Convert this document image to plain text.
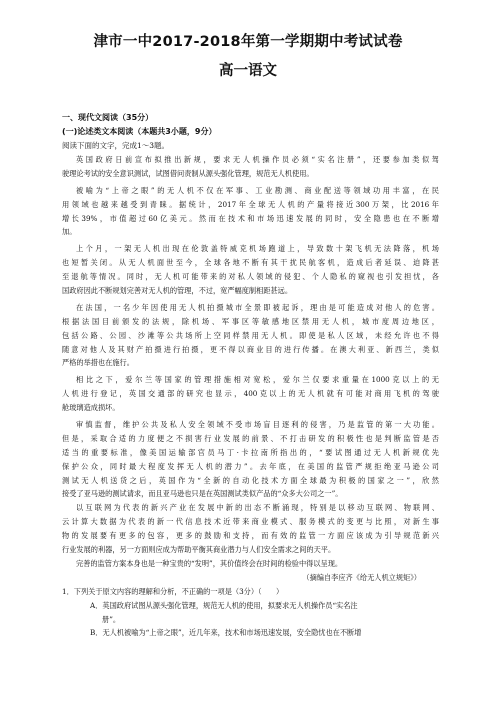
津市一中2017-2018年第一学期期中考试试卷
高一语文
一、现代文阅读（35分）
(一)论述类文本阅读（本题共3小题，9分）
阅读下面的文字，完成1～3题。
英国政府日前宣布拟推出新规，要求无人机操作员必须“实名注册”，还要参加类似驾
驶理论考试的安全意识测试，试图借问责制从源头强化管理，规范无人机使用。
被喻为“上帝之眼”的无人机不仅在军事、工业勘测、商业配送等领域功用丰富，在民
用领域也越来越受到青睐。据统计，2017年全球无人机的产量将接近300万架，比2016年
增长39%，市值超过60亿美元。然而在技术和市场迅速发展的同时，安全隐患也在不断增
加。
上个月，一架无人机出现在伦敦盖特威克机场跑道上，导致数十架飞机无法降落，机场
也短暂关闭。从无人机面世至今，全球各地不断有其干扰民航客机，造成后者延误、迫降甚
至退航等情况。同时，无人机可能带来的对私人领域的侵犯、个人隐私的窥视也引发担忧，各
国政府因此不断规划完善对无人机的管理，不过，宽严幅度制相距甚远。
在法国，一名少年因使用无人机拍摄城市全景即被起诉，理由是可能造成对他人的危害。
根据法国目前颁发的法规，除机场、军事区等敏感地区禁用无人机，城市度周边地区，
包括公路、公园、沙滩等公共场所上空同样禁用无人机。即使是私人区域，未经允许也不得
随意对他人及其财产拍摄进行拍摄，更不得以商业目的进行传播。在澳大利亚、新西兰，类似
严格的举措也在施行。
相比之下，爱尔兰等国家的管理措施相对宽松，爱尔兰仅要求重量在1000克以上的无
人机进行登记，英国交通部的研究也显示，400克以上的无人机就有可能对商用飞机的驾驶
舱玻璃造成损坏。
审慎监督，维护公共及私人安全领域不受市场盲目逐利的侵害，乃是监管的第一大功能。
但是，采取合适的力度便之不损害行业发展的前景、不打击研发的积极性也是判断监管是否
适当的重要标准，像美国运输部官员马丁·卡拉南所指出的，“要试图通过无人机新规优先
保护公众，同时最大程度发挥无人机的潜力”。去年底，在美国的监管严规拒绝亚马逊公司
测试无人机送货之后，英国作为“全新的自动化技术方面全球最为积极的国家之一”，欣然
接受了亚马逊的测试请求，而且亚马逊也只是在英国测试类似产品的“众多大公司之一”。
以互联网为代表的新兴产业在发展中新的出态不断涌现，特别是以移动互联网、物联网、
云计算大数据为代表的新一代信息技术近带来商业模式、服务模式的变更与比照，对新生事
物的发展要有更多的包容，更多的鼓励和支持，而有效的监管一方面应该成为引导规范新兴
行业发展的利器，另一方面则应成为帮助平衡其商业潜力与人们安全需求之间的天平。
完善的监管方案本身也是一种宝贵的“发明”，其价值终会在时间的检验中得以呈现。
（摘编自李应齐《给无人机立规矩》）
1．下列关于原文内容的理解和分析，不正确的一项是（3分）（　　）
A．英国政府试图从源头强化管理，规范无人机的使用，拟要求无人机操作员“实名注
册”。
B．无人机被喻为“上帝之眼”，近几年来，技术和市场迅速发展，安全隐忧也在不断增
